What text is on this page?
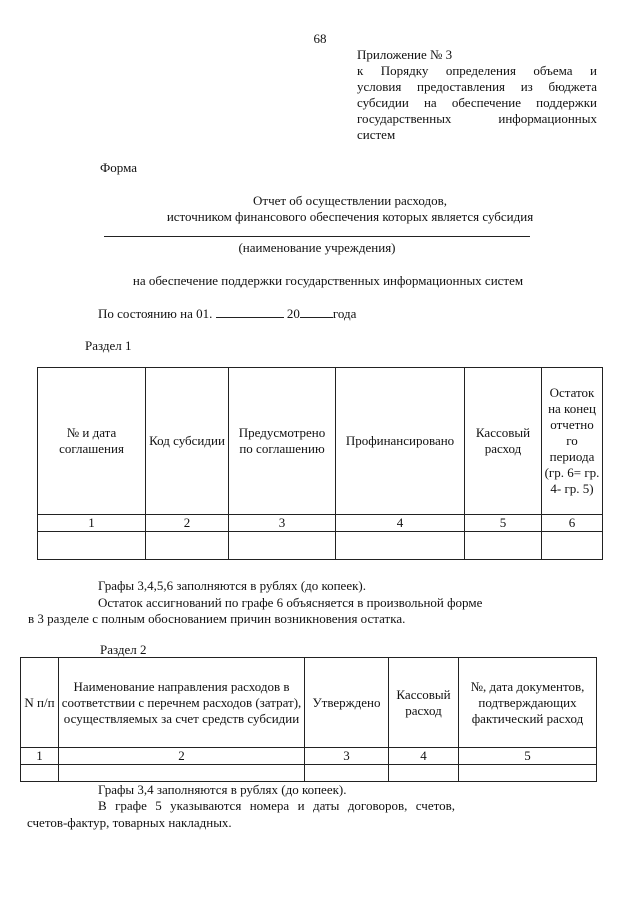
68
Приложение № 3
к Порядку определения объема и
условия предоставления из бюджета
субсидии на обеспечение поддержки
государственных информационных
систем
Форма
Отчет об осуществлении расходов,
источником финансового обеспечения которых является субсидия
(наименование учреждения)
на обеспечение поддержки государственных информационных систем
По состоянию на 01.	20	года
Раздел 1
№ и дата соглашения	Код субсидии	Предусмотрено по соглашению	Профинансировано	Кассовый расход	Остаток на конец отчетно го периода (гр. 6= гр. 4- гр. 5)
1	2	3	4	5	6

Графы 3,4,5,6 заполняются в рублях (до копеек).
Остаток ассигнований по графе 6 объясняется в произвольной форме
в 3 разделе с полным обоснованием причин возникновения остатка.
Раздел 2
N п/п	Наименование направления расходов в соответствии с перечнем расходов (затрат), осуществляемых за счет средств субсидии	Утверждено	Кассовый расход	№, дата документов, подтверждающих фактический расход
1	2	3	4	5

Графы 3,4 заполняются в рублях (до копеек).
В графе 5 указываются номера и даты договоров, счетов,
счетов-фактур, товарных накладных.
